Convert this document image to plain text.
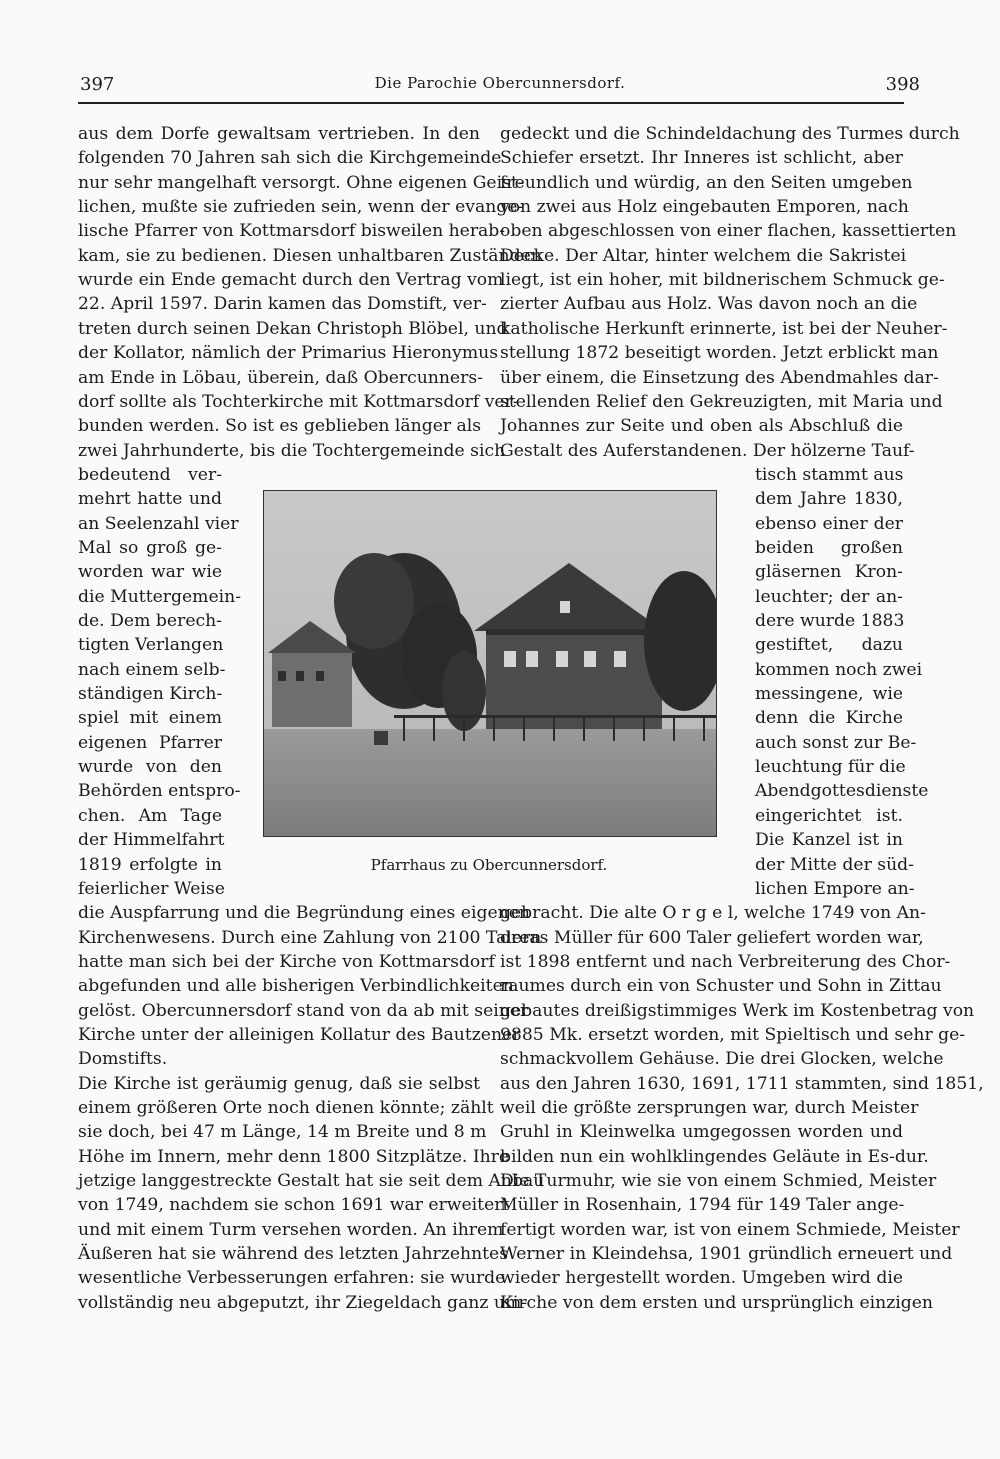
397	Die Parochie Obercunnersdorf.	398
aus dem Dorfe gewaltsam vertrieben. In den
folgenden 70 Jahren sah sich die Kirchgemeinde
nur sehr mangelhaft versorgt. Ohne eigenen Geist-
lichen, mußte sie zufrieden sein, wenn der evange-
lische Pfarrer von Kottmarsdorf bisweilen herab-
kam, sie zu bedienen. Diesen unhaltbaren Zuständen
wurde ein Ende gemacht durch den Vertrag vom
22. April 1597. Darin kamen das Domstift, ver-
treten durch seinen Dekan Christoph Blöbel, und
der Kollator, nämlich der Primarius Hieronymus
am Ende in Löbau, überein, daß Obercunners-
dorf sollte als Tochterkirche mit Kottmarsdorf ver-
bunden werden. So ist es geblieben länger als
zwei Jahrhunderte, bis die Tochtergemeinde sich
bedeutend ver-
mehrt hatte und
an Seelenzahl vier
Mal so groß ge-
worden war wie
die Muttergemein-
de. Dem berech-
tigten Verlangen
nach einem selb-
ständigen Kirch-
spiel mit einem
eigenen Pfarrer
wurde von den
Behörden entspro-
chen. Am Tage
der Himmelfahrt
1819 erfolgte in
feierlicher Weise
die Auspfarrung und die Begründung eines eigenen
Kirchenwesens. Durch eine Zahlung von 2100 Talern
hatte man sich bei der Kirche von Kottmarsdorf
abgefunden und alle bisherigen Verbindlichkeiten
gelöst. Obercunnersdorf stand von da ab mit seiner
Kirche unter der alleinigen Kollatur des Bautzener
Domstifts.
Die Kirche ist geräumig genug, daß sie selbst
einem größeren Orte noch dienen könnte; zählt
sie doch, bei 47 m Länge, 14 m Breite und 8 m
Höhe im Innern, mehr denn 1800 Sitzplätze. Ihre
jetzige langgestreckte Gestalt hat sie seit dem Anbau
von 1749, nachdem sie schon 1691 war erweitert
und mit einem Turm versehen worden. An ihrem
Äußeren hat sie während des letzten Jahrzehntes
wesentliche Verbesserungen erfahren: sie wurde
vollständig neu abgeputzt, ihr Ziegeldach ganz um-
gedeckt und die Schindeldachung des Turmes durch
Schiefer ersetzt. Ihr Inneres ist schlicht, aber
freundlich und würdig, an den Seiten umgeben
von zwei aus Holz eingebauten Emporen, nach
oben abgeschlossen von einer flachen, kassettierten
Decke. Der Altar, hinter welchem die Sakristei
liegt, ist ein hoher, mit bildnerischem Schmuck ge-
zierter Aufbau aus Holz. Was davon noch an die
katholische Herkunft erinnerte, ist bei der Neuher-
stellung 1872 beseitigt worden. Jetzt erblickt man
über einem, die Einsetzung des Abendmahles dar-
stellenden Relief den Gekreuzigten, mit Maria und
Johannes zur Seite und oben als Abschluß die
Gestalt des Auferstandenen. Der hölzerne Tauf-
tisch stammt aus
dem Jahre 1830,
ebenso einer der
beiden großen
gläsernen Kron-
leuchter; der an-
dere wurde 1883
gestiftet, dazu
kommen noch zwei
messingene, wie
denn die Kirche
auch sonst zur Be-
leuchtung für die
Abendgottesdienste
eingerichtet ist.
Die Kanzel ist in
der Mitte der süd-
lichen Empore an-
gebracht. Die alte O r g e l, welche 1749 von An-
dreas Müller für 600 Taler geliefert worden war,
ist 1898 entfernt und nach Verbreiterung des Chor-
raumes durch ein von Schuster und Sohn in Zittau
gebautes dreißigstimmiges Werk im Kostenbetrag von
9885 Mk. ersetzt worden, mit Spieltisch und sehr ge-
schmackvollem Gehäuse. Die drei Glocken, welche
aus den Jahren 1630, 1691, 1711 stammten, sind 1851,
weil die größte zersprungen war, durch Meister
Gruhl in Kleinwelka umgegossen worden und
bilden nun ein wohlklingendes Geläute in Es-dur.
Die Turmuhr, wie sie von einem Schmied, Meister
Müller in Rosenhain, 1794 für 149 Taler ange-
fertigt worden war, ist von einem Schmiede, Meister
Werner in Kleindehsa, 1901 gründlich erneuert und
wieder hergestellt worden. Umgeben wird die
Kirche von dem ersten und ursprünglich einzigen
Pfarrhaus zu Obercunnersdorf.
